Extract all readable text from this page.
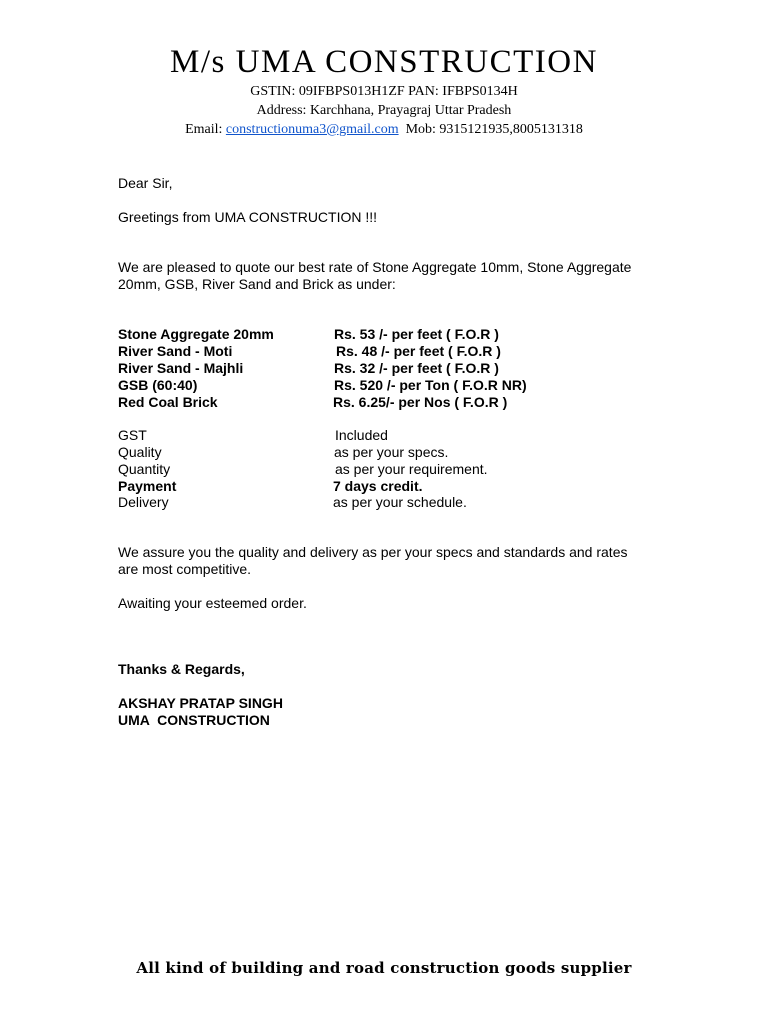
M/s UMA CONSTRUCTION
GSTIN: 09IFBPS013H1ZF PAN: IFBPS0134H
Address: Karchhana, Prayagraj Uttar Pradesh
Email: constructionuma3@gmail.com Mob: 9315121935,8005131318
Dear Sir,
Greetings from UMA CONSTRUCTION !!!
We are pleased to quote our best rate of Stone Aggregate 10mm, Stone Aggregate 20mm, GSB, River Sand and Brick as under:
Stone Aggregate 20mm	Rs. 53 /- per feet ( F.O.R )
River Sand - Moti	Rs. 48 /- per feet ( F.O.R )
River Sand - Majhli	Rs. 32 /- per feet ( F.O.R )
GSB (60:40)	Rs. 520 /- per Ton ( F.O.R NR)
Red Coal Brick	Rs. 6.25/- per Nos ( F.O.R )
GST	Included
Quality	as per your specs.
Quantity	as per your requirement.
Payment	7 days credit.
Delivery	as per your schedule.
We assure you the quality and delivery as per your specs and standards and rates are most competitive.
Awaiting your esteemed order.
Thanks & Regards,
AKSHAY PRATAP SINGH
UMA  CONSTRUCTION
All kind of building and road construction goods supplier
